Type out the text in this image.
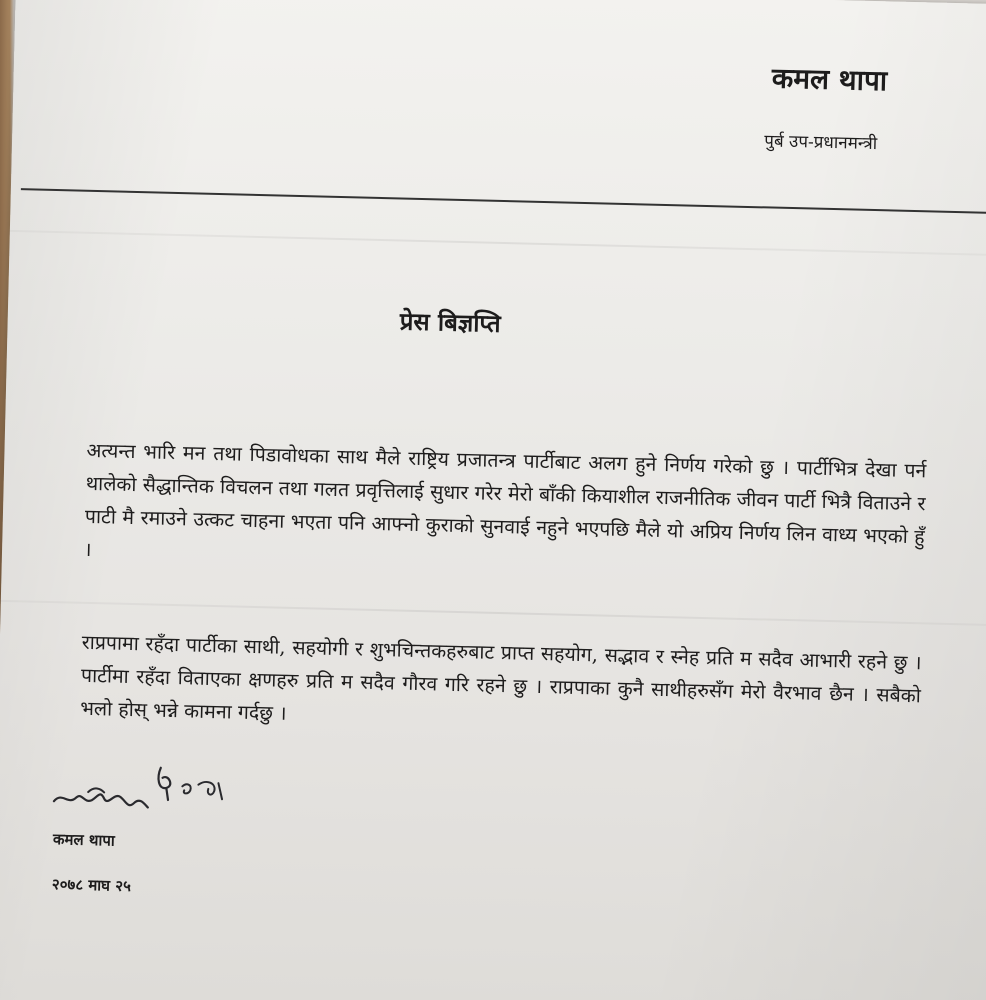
कमल थापा
पुर्ब उप-प्रधानमन्त्री
प्रेस बिज्ञप्ति
अत्यन्त भारि मन तथा पिडावोधका साथ मैले राष्ट्रिय प्रजातन्त्र पार्टीबाट अलग हुने निर्णय गरेको छु । पार्टीभित्र देखा पर्न थालेको सैद्धान्तिक विचलन तथा गलत प्रवृत्तिलाई सुधार गरेर मेरो बाँकी कियाशील राजनीतिक जीवन पार्टी भित्रै विताउने र पाटी मै रमाउने उत्कट चाहना भएता पनि आफ्नो कुराको सुनवाई नहुने भएपछि मैले यो अप्रिय निर्णय लिन वाध्य भएको हुँ ।
राप्रपामा रहँदा पार्टीका साथी, सहयोगी र शुभचिन्तकहरुबाट प्राप्त सहयोग, सद्भाव र स्नेह प्रति म सदैव आभारी रहने छु । पार्टीमा रहँदा विताएका क्षणहरु प्रति म सदैव गौरव गरि रहने छु । राप्रपाका कुनै साथीहरुसँग मेरो वैरभाव छैन । सबैको भलो होस् भन्ने कामना गर्दछु ।
कमल थापा
२०७८ माघ २५
